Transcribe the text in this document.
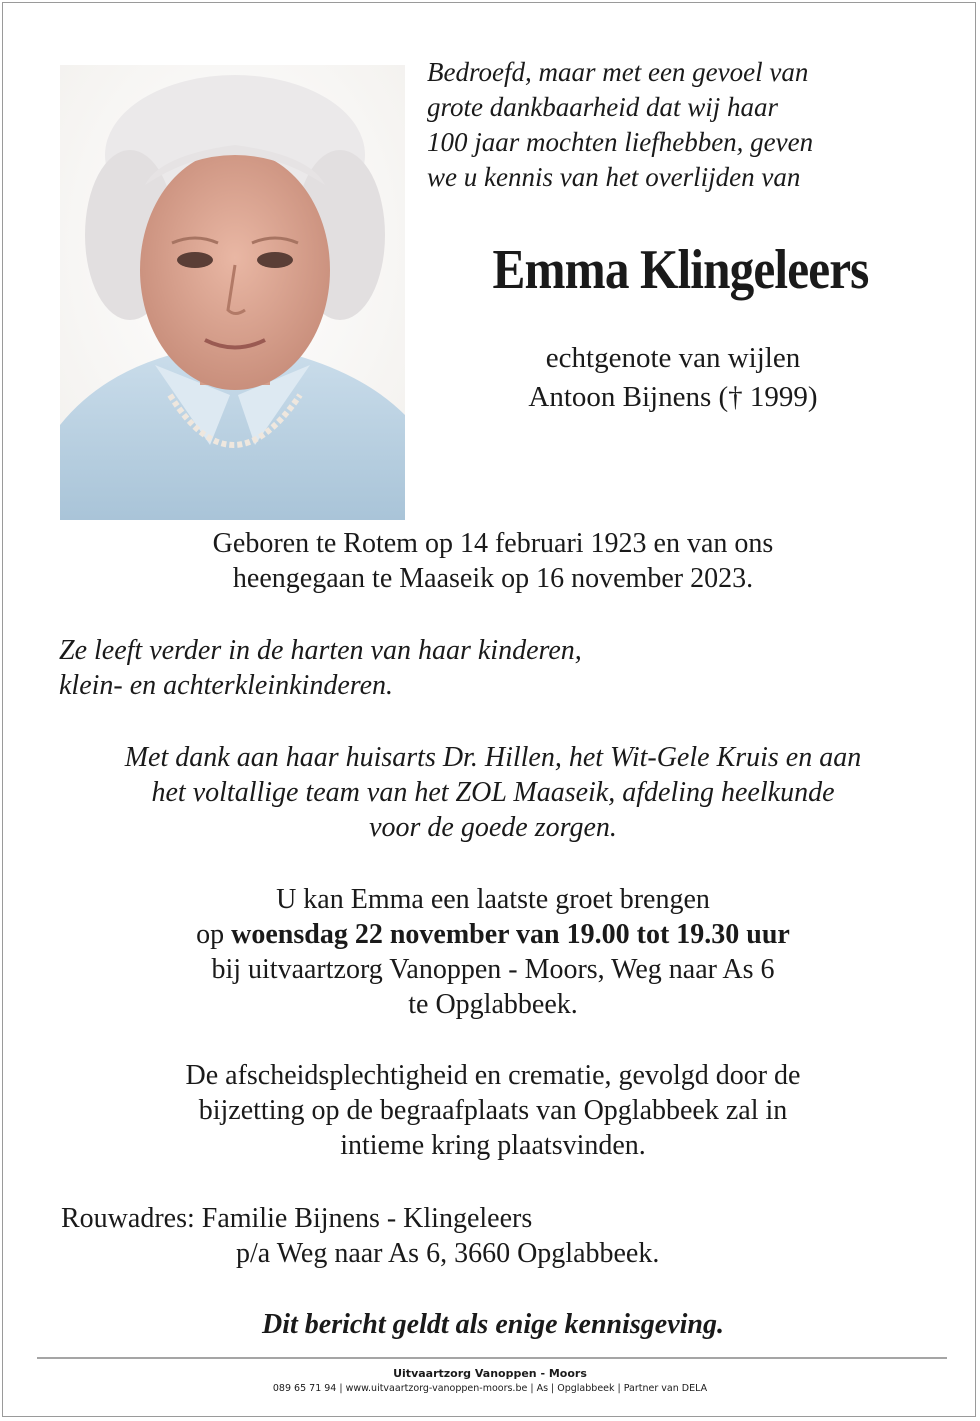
Bedroefd, maar met een gevoel van
grote dankbaarheid dat wij haar
100 jaar mochten liefhebben, geven
we u kennis van het overlijden van
Emma Klingeleers
echtgenote van wijlen
Antoon Bijnens († 1999)
Geboren te Rotem op 14 februari 1923 en van ons
heengegaan te Maaseik op 16 november 2023.
Ze leeft verder in de harten van haar kinderen,
klein- en achterkleinkinderen.
Met dank aan haar huisarts Dr. Hillen, het Wit-Gele Kruis en aan
het voltallige team van het ZOL Maaseik, afdeling heelkunde
voor de goede zorgen.
U kan Emma een laatste groet brengen
op woensdag 22 november van 19.00 tot 19.30 uur
bij uitvaartzorg Vanoppen - Moors, Weg naar As 6
te Opglabbeek.
De afscheidsplechtigheid en crematie, gevolgd door de
bijzetting op de begraafplaats van Opglabbeek zal in
intieme kring plaatsvinden.
Rouwadres: Familie Bijnens - Klingeleers
p/a Weg naar As 6, 3660 Opglabbeek.
Dit bericht geldt als enige kennisgeving.
Uitvaartzorg Vanoppen - Moors
089 65 71 94 | www.uitvaartzorg-vanoppen-moors.be | As | Opglabbeek | Partner van DELA
